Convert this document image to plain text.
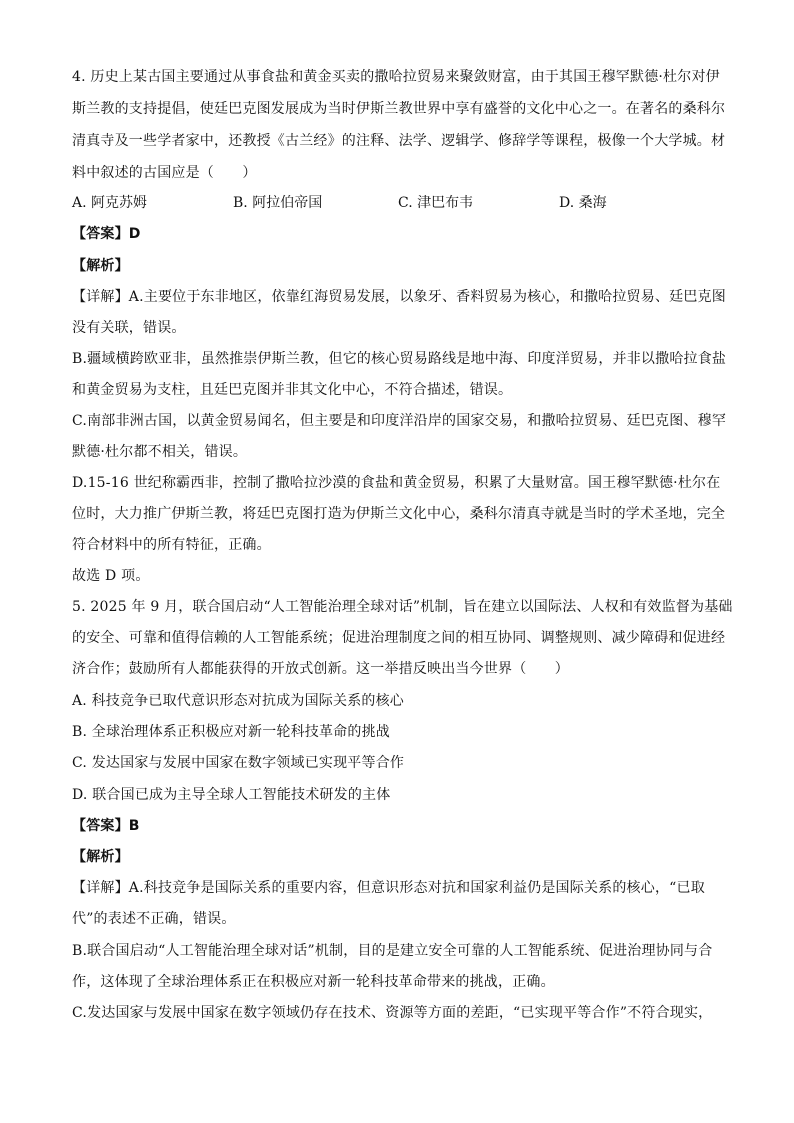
4. 历史上某古国主要通过从事食盐和黄金买卖的撒哈拉贸易来聚敛财富，由于其国王穆罕默德·杜尔对伊
斯兰教的支持提倡，使廷巴克图发展成为当时伊斯兰教世界中享有盛誉的文化中心之一。在著名的桑科尔
清真寺及一些学者家中，还教授《古兰经》的注释、法学、逻辑学、修辞学等课程，极像一个大学城。材
料中叙述的古国应是（　　）
A. 阿克苏姆	B. 阿拉伯帝国	C. 津巴布韦	D. 桑海
【答案】D
【解析】
【详解】A.主要位于东非地区，依靠红海贸易发展，以象牙、香料贸易为核心，和撒哈拉贸易、廷巴克图
没有关联，错误。
B.疆域横跨欧亚非，虽然推崇伊斯兰教，但它的核心贸易路线是地中海、印度洋贸易，并非以撒哈拉食盐
和黄金贸易为支柱，且廷巴克图并非其文化中心，不符合描述，错误。
C.南部非洲古国，以黄金贸易闻名，但主要是和印度洋沿岸的国家交易，和撒哈拉贸易、廷巴克图、穆罕
默德·杜尔都不相关，错误。
D.15-16 世纪称霸西非，控制了撒哈拉沙漠的食盐和黄金贸易，积累了大量财富。国王穆罕默德·杜尔在
位时，大力推广伊斯兰教，将廷巴克图打造为伊斯兰文化中心，桑科尔清真寺就是当时的学术圣地，完全
符合材料中的所有特征，正确。
故选 D 项。
5. 2025 年 9 月，联合国启动“人工智能治理全球对话”机制，旨在建立以国际法、人权和有效监督为基础
的安全、可靠和值得信赖的人工智能系统；促进治理制度之间的相互协同、调整规则、减少障碍和促进经
济合作；鼓励所有人都能获得的开放式创新。这一举措反映出当今世界（　　）
A. 科技竞争已取代意识形态对抗成为国际关系的核心
B. 全球治理体系正积极应对新一轮科技革命的挑战
C. 发达国家与发展中国家在数字领域已实现平等合作
D. 联合国已成为主导全球人工智能技术研发的主体
【答案】B
【解析】
【详解】A.科技竞争是国际关系的重要内容，但意识形态对抗和国家利益仍是国际关系的核心，“已取
代”的表述不正确，错误。
B.联合国启动“人工智能治理全球对话”机制，目的是建立安全可靠的人工智能系统、促进治理协同与合
作，这体现了全球治理体系正在积极应对新一轮科技革命带来的挑战，正确。
C.发达国家与发展中国家在数字领域仍存在技术、资源等方面的差距，“已实现平等合作”不符合现实，
